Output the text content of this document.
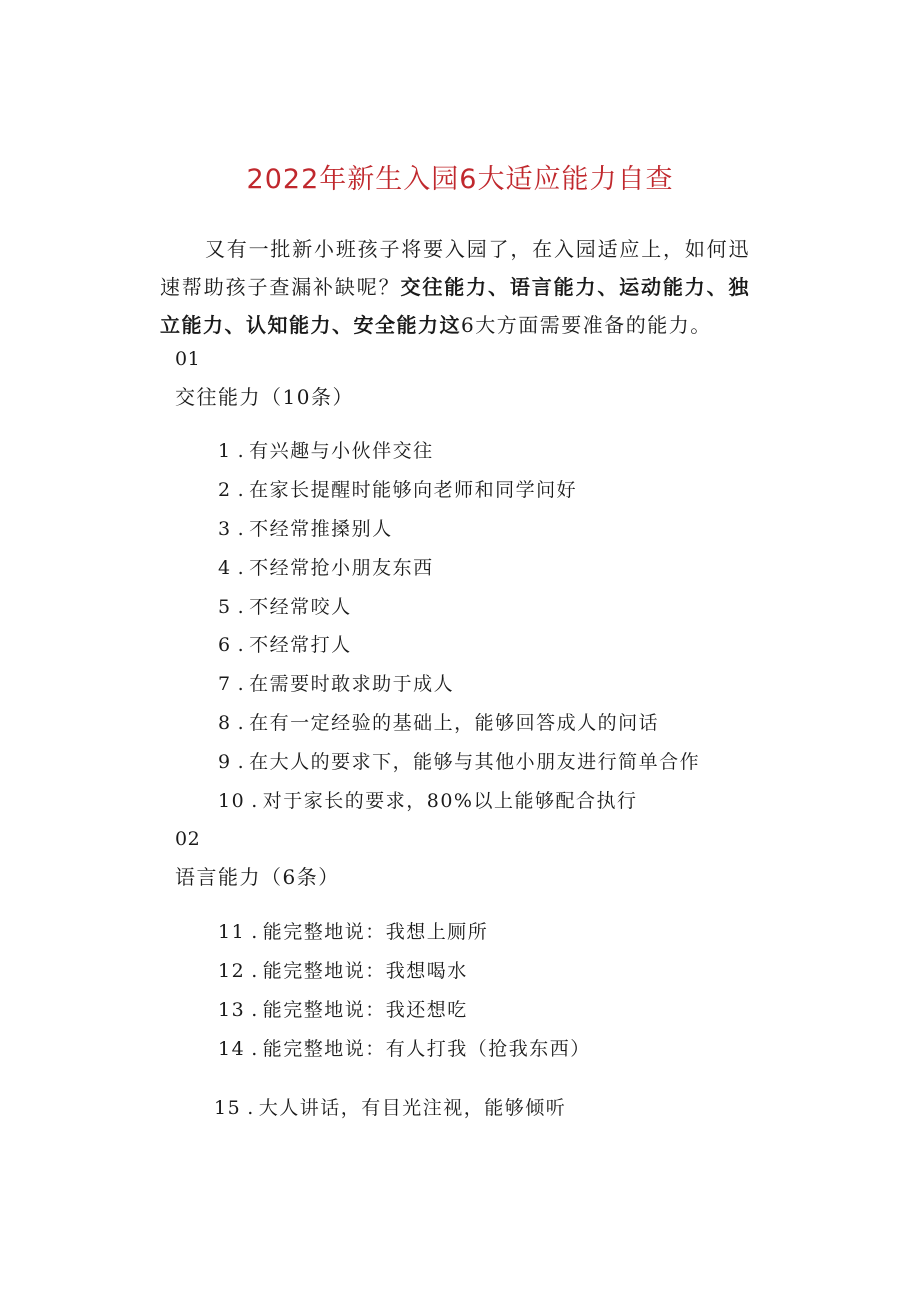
2022年新生入园6大适应能力自查

又有一批新小班孩子将要入园了，在入园适应上，如何迅速帮助孩子查漏补缺呢？交往能力、语言能力、运动能力、独立能力、认知能力、安全能力这6大方面需要准备的能力。

01
交往能力（10条）
1 . 有兴趣与小伙伴交往
2 . 在家长提醒时能够向老师和同学问好
3 . 不经常推搡别人
4 . 不经常抢小朋友东西
5 . 不经常咬人
6 . 不经常打人
7 . 在需要时敢求助于成人
8 . 在有一定经验的基础上，能够回答成人的问话
9 . 在大人的要求下，能够与其他小朋友进行简单合作
10 . 对于家长的要求，80%以上能够配合执行
02
语言能力（6条）
11 . 能完整地说：我想上厕所
12 . 能完整地说：我想喝水
13 . 能完整地说：我还想吃
14 . 能完整地说：有人打我（抢我东西）
15 . 大人讲话，有目光注视，能够倾听
